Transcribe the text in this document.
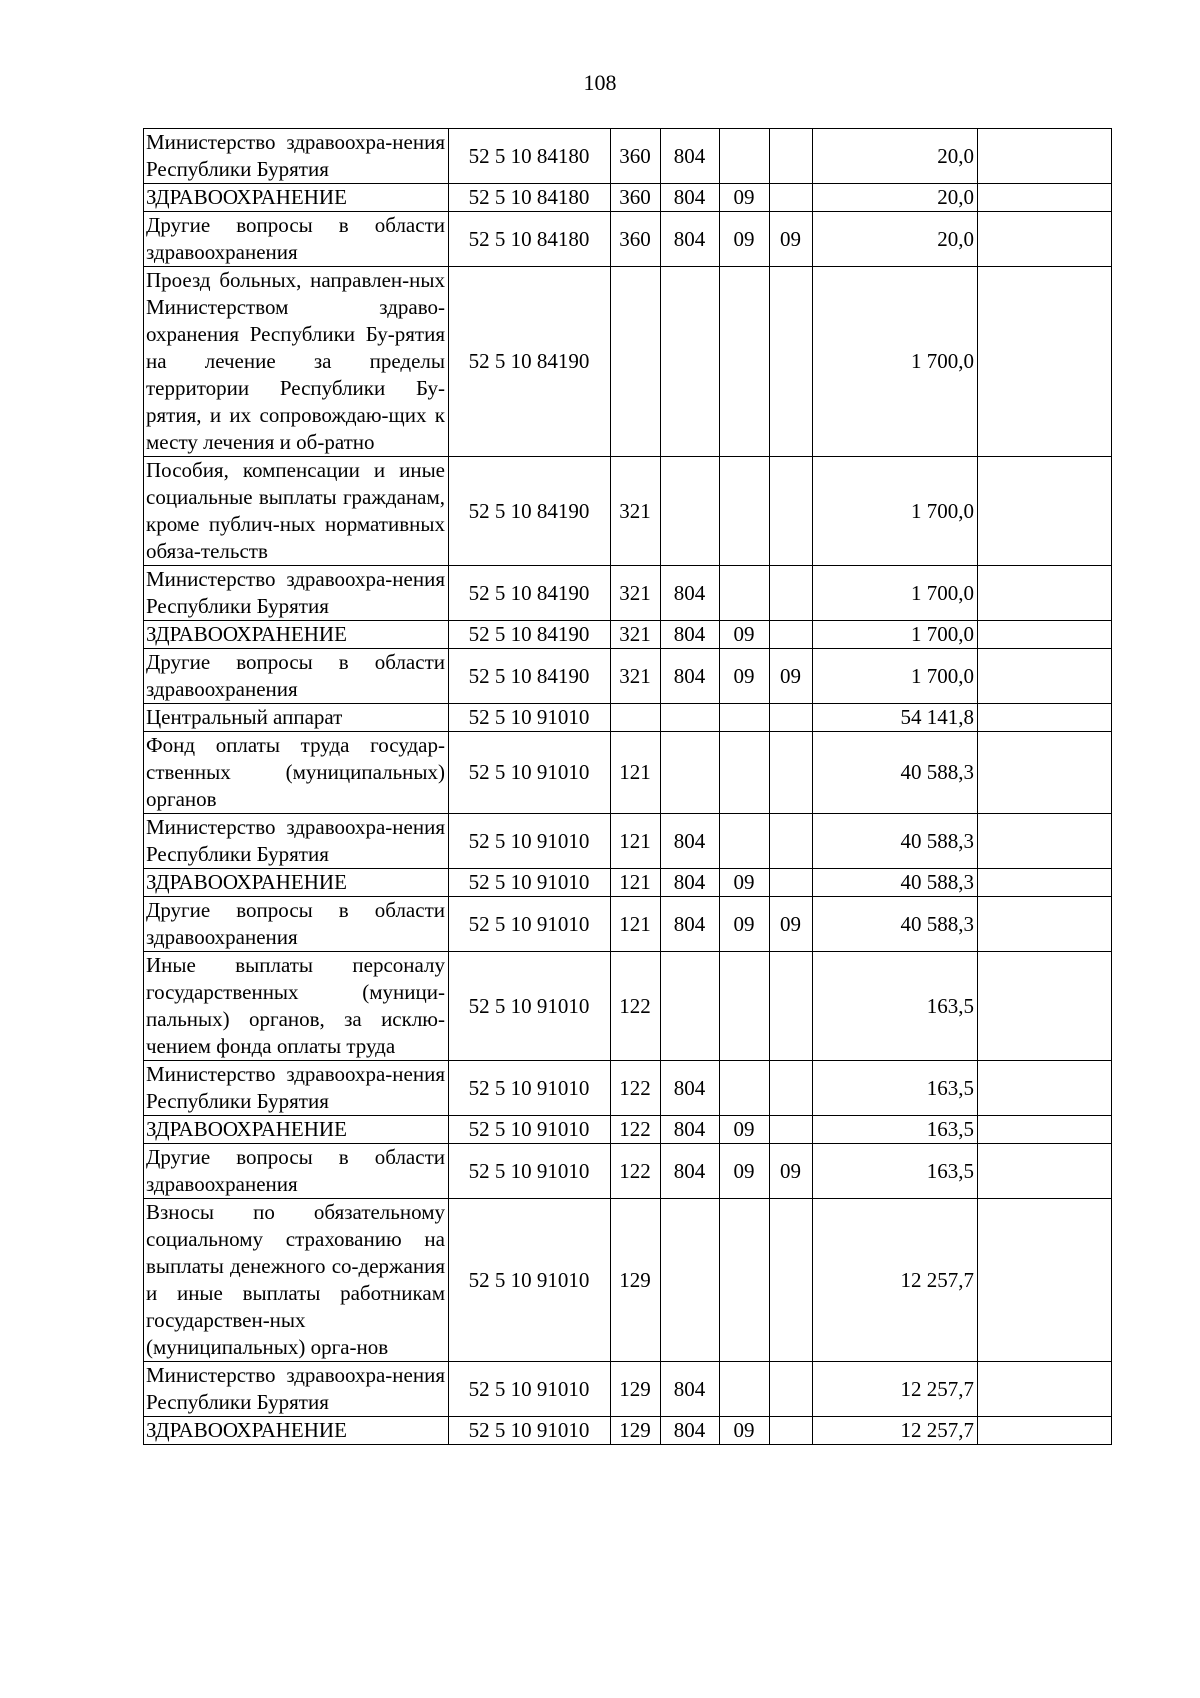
108
Министерство здравоохра-нения Республики Бурятия	52 5 10 84180	360	804			20,0	
ЗДРАВООХРАНЕНИЕ	52 5 10 84180	360	804	09		20,0	
Другие вопросы в области здравоохранения	52 5 10 84180	360	804	09	09	20,0	
Проезд больных, направлен-ных Министерством здраво-охранения Республики Бу-рятия на лечение за пределы территории Республики Бу-рятия, и их сопровождаю-щих к месту лечения и об-ратно	52 5 10 84190					1 700,0	
Пособия, компенсации и иные социальные выплаты гражданам, кроме публич-ных нормативных обяза-тельств	52 5 10 84190	321				1 700,0	
Министерство здравоохра-нения Республики Бурятия	52 5 10 84190	321	804			1 700,0	
ЗДРАВООХРАНЕНИЕ	52 5 10 84190	321	804	09		1 700,0	
Другие вопросы в области здравоохранения	52 5 10 84190	321	804	09	09	1 700,0	
Центральный аппарат	52 5 10 91010					54 141,8	
Фонд оплаты труда государ-ственных (муниципальных) органов	52 5 10 91010	121				40 588,3	
Министерство здравоохра-нения Республики Бурятия	52 5 10 91010	121	804			40 588,3	
ЗДРАВООХРАНЕНИЕ	52 5 10 91010	121	804	09		40 588,3	
Другие вопросы в области здравоохранения	52 5 10 91010	121	804	09	09	40 588,3	
Иные выплаты персоналу государственных (муници-пальных) органов, за исклю-чением фонда оплаты труда	52 5 10 91010	122				163,5	
Министерство здравоохра-нения Республики Бурятия	52 5 10 91010	122	804			163,5	
ЗДРАВООХРАНЕНИЕ	52 5 10 91010	122	804	09		163,5	
Другие вопросы в области здравоохранения	52 5 10 91010	122	804	09	09	163,5	
Взносы по обязательному социальному страхованию на выплаты денежного со-держания и иные выплаты работникам государствен-ных (муниципальных) орга-нов	52 5 10 91010	129				12 257,7	
Министерство здравоохра-нения Республики Бурятия	52 5 10 91010	129	804			12 257,7	
ЗДРАВООХРАНЕНИЕ	52 5 10 91010	129	804	09		12 257,7	
